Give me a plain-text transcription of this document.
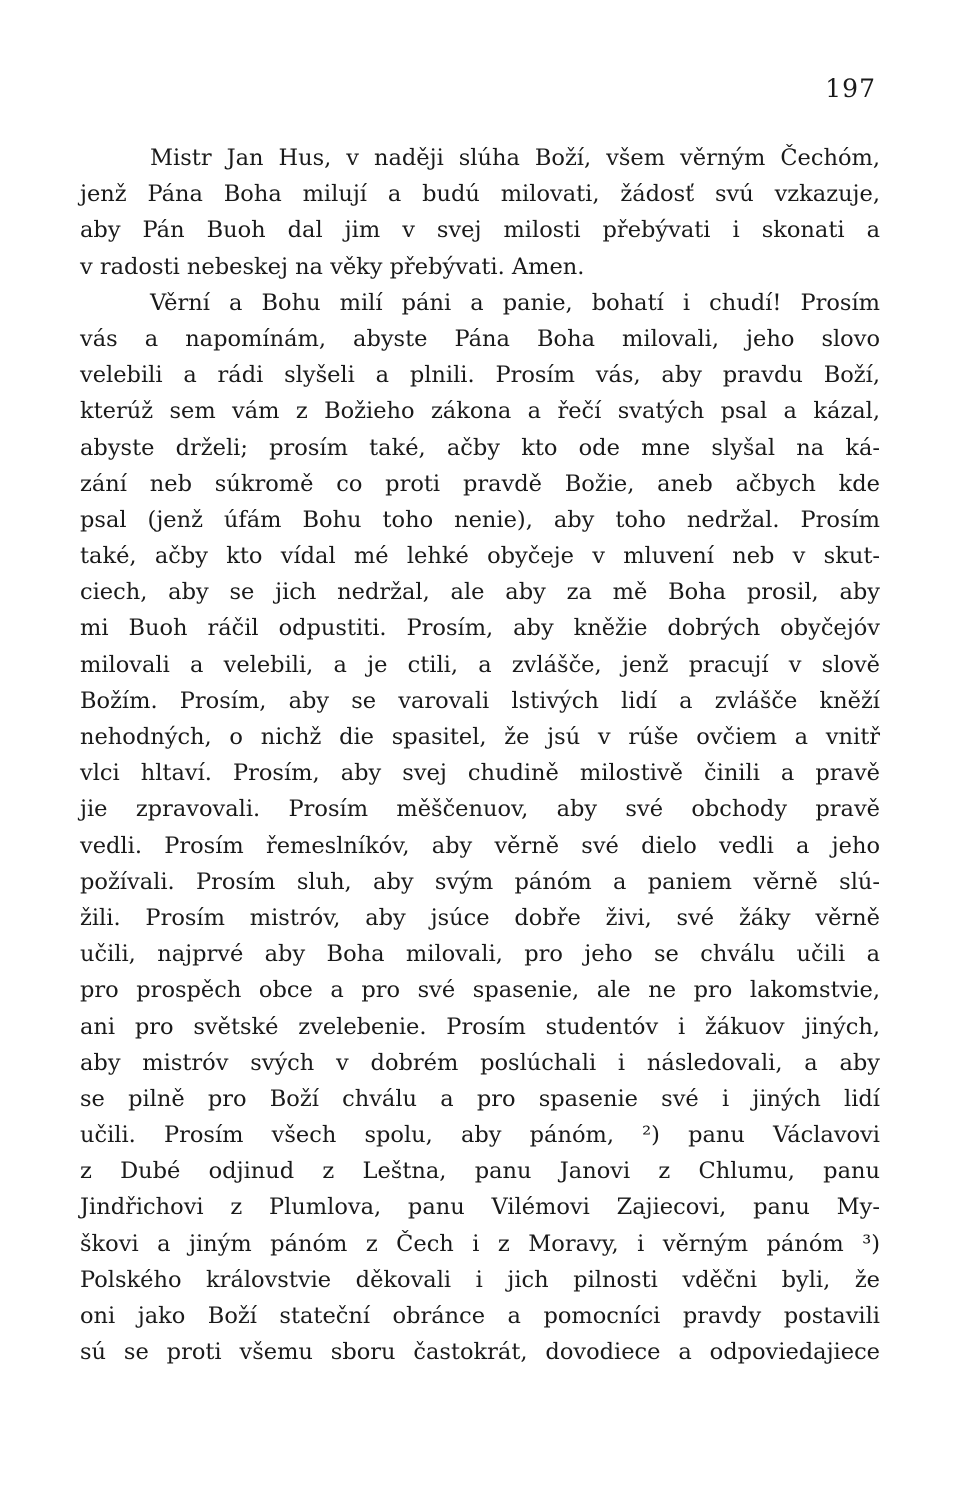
197
Mistr Jan Hus, v naději slúha Boží, všem věrným Čechóm,
jenž Pána Boha milují a budú milovati, žádosť svú vzkazuje,
aby Pán Buoh dal jim v svej milosti přebývati i skonati a
v radosti nebeskej na věky přebývati. Amen.
Věrní a Bohu milí páni a panie, bohatí i chudí! Prosím
vás a napomínám, abyste Pána Boha milovali, jeho slovo
velebili a rádi slyšeli a plnili. Prosím vás, aby pravdu Boží,
kterúž sem vám z Božieho zákona a řečí svatých psal a kázal,
abyste drželi; prosím také, ačby kto ode mne slyšal na ká-
zání neb súkromě co proti pravdě Božie, aneb ačbych kde
psal (jenž úfám Bohu toho nenie), aby toho nedržal. Prosím
také, ačby kto vídal mé lehké obyčeje v mluvení neb v skut-
ciech, aby se jich nedržal, ale aby za mě Boha prosil, aby
mi Buoh ráčil odpustiti. Prosím, aby kněžie dobrých obyčejóv
milovali a velebili, a je ctili, a zvlášče, jenž pracují v slově
Božím. Prosím, aby se varovali lstivých lidí a zvlášče kněží
nehodných, o nichž die spasitel, že jsú v rúše ovčiem a vnitř
vlci hltaví. Prosím, aby svej chudině milostivě činili a pravě
jie zpravovali. Prosím měščenuov, aby své obchody pravě
vedli. Prosím řemeslníkóv, aby věrně své dielo vedli a jeho
požívali. Prosím sluh, aby svým pánóm a paniem věrně slú-
žili. Prosím mistróv, aby jsúce dobře živi, své žáky věrně
učili, najprvé aby Boha milovali, pro jeho se chválu učili a
pro prospěch obce a pro své spasenie, ale ne pro lakomstvie,
ani pro světské zvelebenie. Prosím studentóv i žákuov jiných,
aby mistróv svých v dobrém poslúchali i následovali, a aby
se pilně pro Boží chválu a pro spasenie své i jiných lidí
učili. Prosím všech spolu, aby pánóm, ²) panu Václavovi
z Dubé odjinud z Leštna, panu Janovi z Chlumu, panu
Jindřichovi z Plumlova, panu Vilémovi Zajiecovi, panu My-
škovi a jiným pánóm z Čech i z Moravy, i věrným pánóm ³)
Polského královstvie děkovali i jich pilnosti vděčni byli, že
oni jako Boží stateční obránce a pomocníci pravdy postavili
sú se proti všemu sboru častokrát, dovodiece a odpoviedajiece
